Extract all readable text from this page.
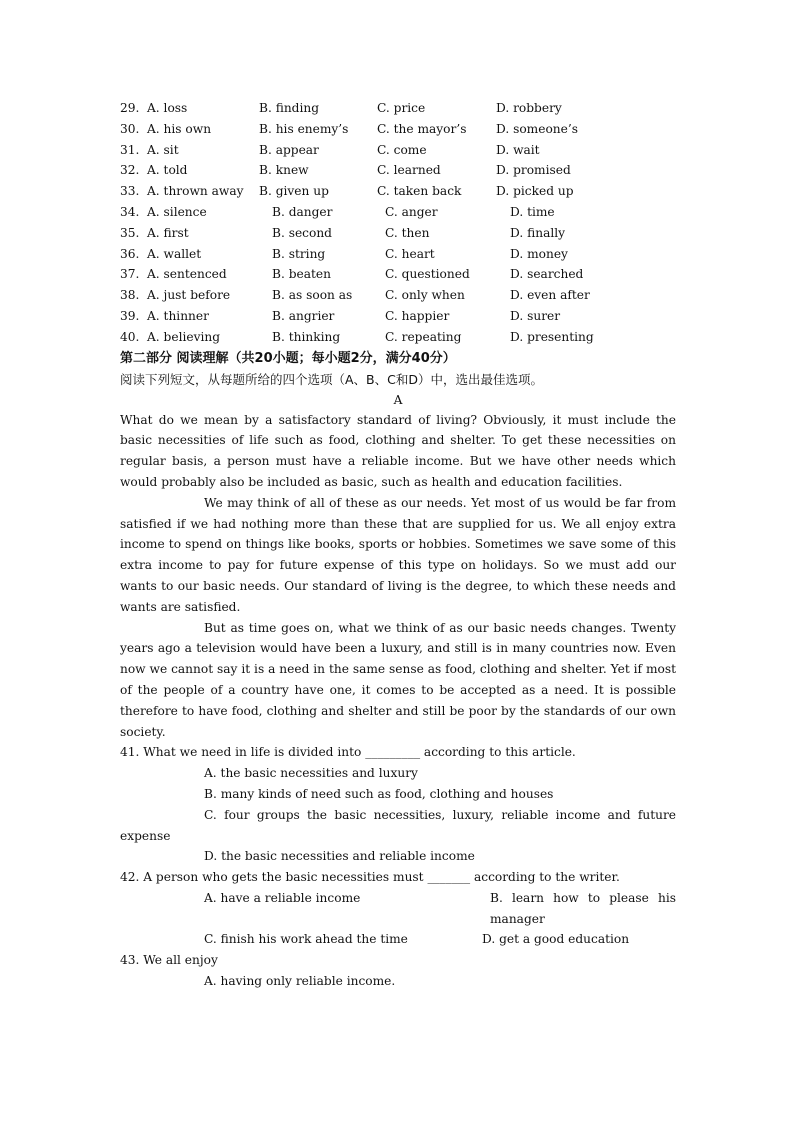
29. A. loss	B. finding	C. price	D. robbery
30. A. his own	B. his enemy’s C. the mayor’s D. someone’s
31. A. sit	B. appear	C. come	D. wait
32. A. told	B. knew	C. learned	D. promised
33. A. thrown away B. given up	C. taken back	D. picked up
34. A. silence	B. danger	C. anger	D. time
35. A. first	B. second	C. then	D. finally
36. A. wallet	B. string	C. heart	D. money
37. A. sentenced	B. beaten	C. questioned	D. searched
38. A. just before	B. as soon as	C. only when	D. even after
39. A. thinner	B. angrier	C. happier	D. surer
40. A. believing	B. thinking	C. repeating	D. presenting
第二部分 阅读理解（共20小题；每小题2分，满分40分）
阅读下列短文，从每题所给的四个选项（A、B、C和D）中，选出最佳选项。
A

What do we mean by a satisfactory standard of living? Obviously, it must include the basic necessities of life such as food, clothing and shelter. To get these necessities on regular basis, a person must have a reliable income. But we have other needs which would probably also be included as basic, such as health and education facilities.

We may think of all of these as our needs. Yet most of us would be far from satisfied if we had nothing more than these that are supplied for us. We all enjoy extra income to spend on things like books, sports or hobbies. Sometimes we save some of this extra income to pay for future expense of this type on holidays. So we must add our wants to our basic needs. Our standard of living is the degree, to which these needs and wants are satisfied.

But as time goes on, what we think of as our basic needs changes. Twenty years ago a television would have been a luxury, and still is in many countries now. Even now we cannot say it is a need in the same sense as food, clothing and shelter. Yet if most of the people of a country have one, it comes to be accepted as a need. It is possible therefore to have food, clothing and shelter and still be poor by the standards of our own society.

41. What we need in life is divided into _________ according to this article.

A. the basic necessities and luxury

B. many kinds of need such as food, clothing and houses

C. four groups the basic necessities, luxury, reliable income and future expense

D. the basic necessities and reliable income

42. A person who gets the basic necessities must _______ according to the writer.

A. have a reliable income	B. learn how to please his manager
C. finish his work ahead the time	D. get a good education

43. We all enjoy

A. having only reliable income.
